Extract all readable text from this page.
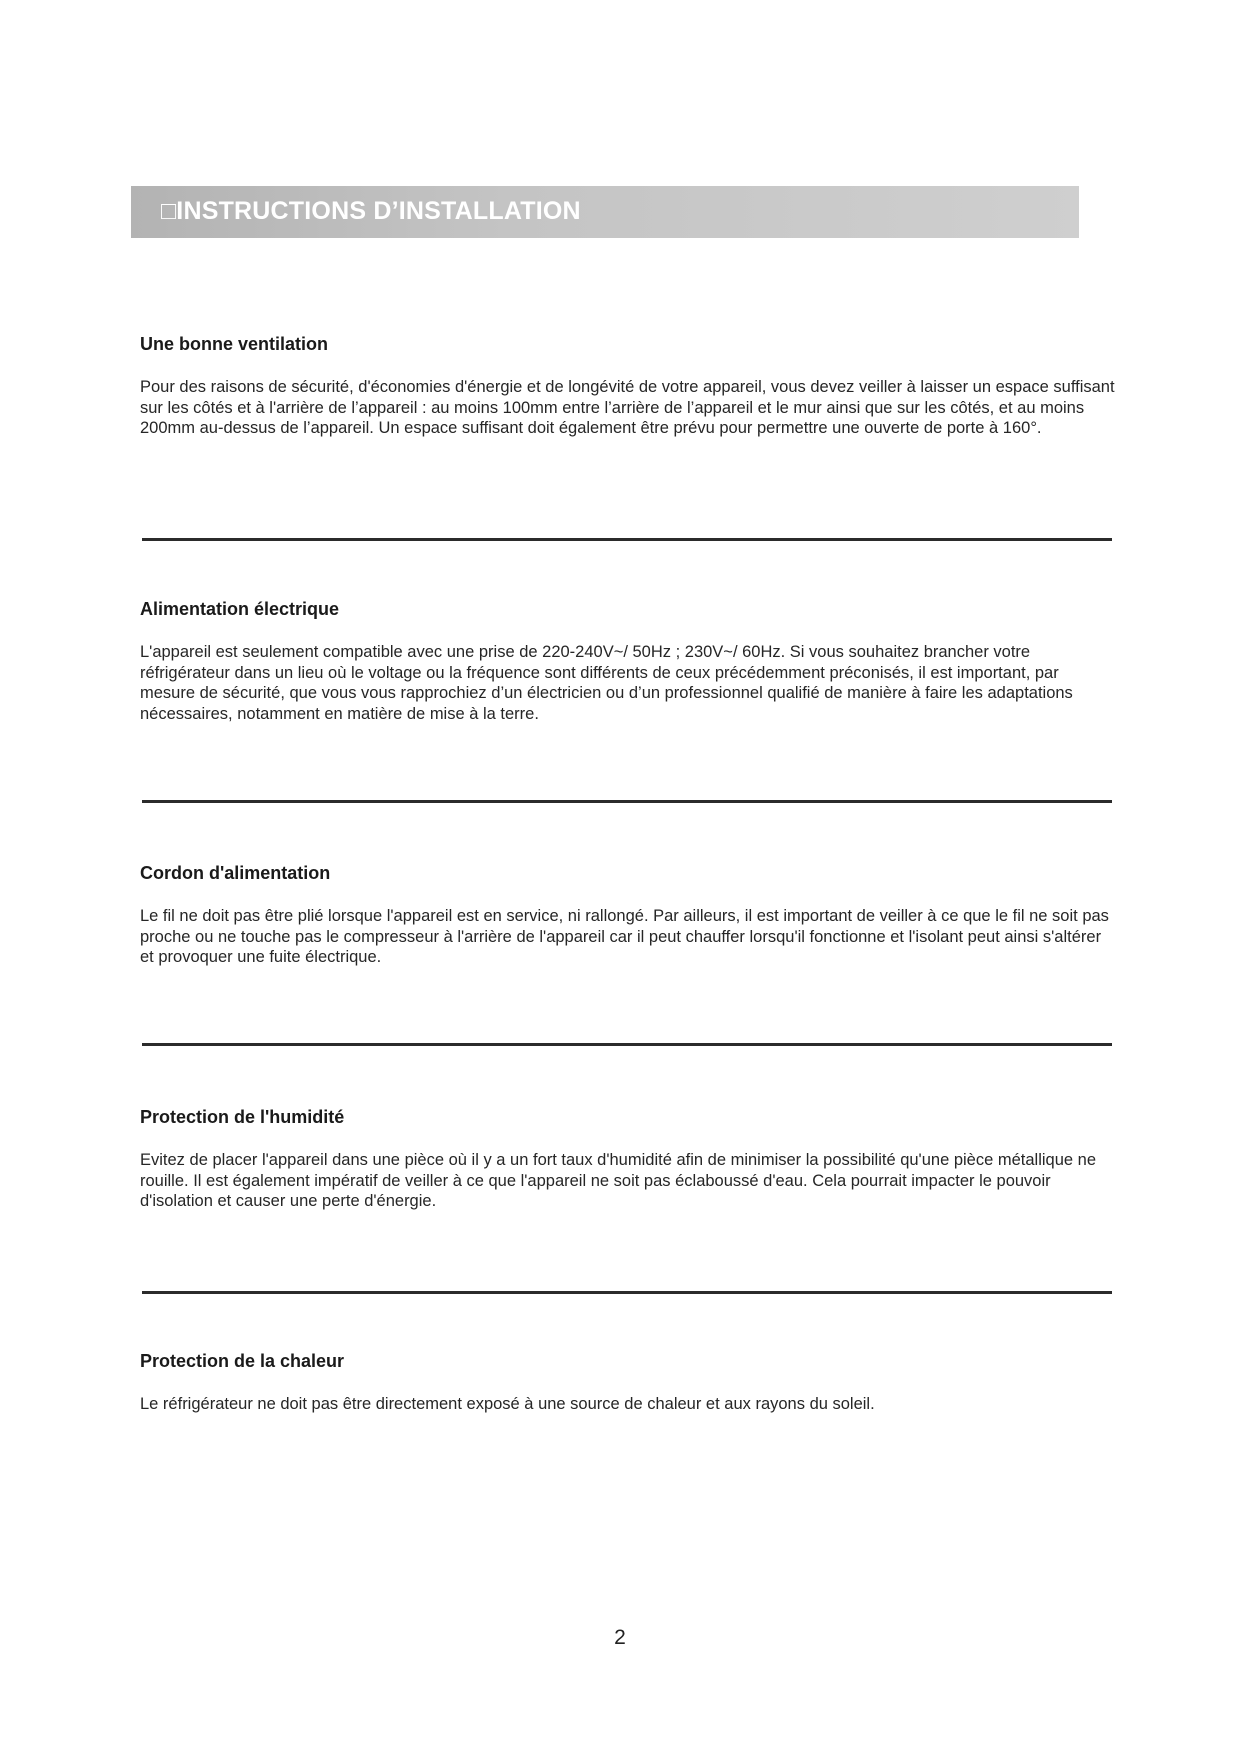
□INSTRUCTIONS D’INSTALLATION
Une bonne ventilation

Pour des raisons de sécurité, d'économies d'énergie et de longévité de votre appareil, vous devez veiller à laisser un espace suffisant sur les côtés et à l'arrière de l’appareil : au moins 100mm entre l’arrière de l’appareil et le mur ainsi que sur les côtés, et au moins 200mm au-dessus de l’appareil. Un espace suffisant doit également être prévu pour permettre une ouverte de porte à 160°.

Alimentation électrique

L'appareil est seulement compatible avec une prise de 220-240V~/ 50Hz ; 230V~/ 60Hz. Si vous souhaitez brancher votre réfrigérateur dans un lieu où le voltage ou la fréquence sont différents de ceux précédemment préconisés, il est important, par mesure de sécurité, que vous vous rapprochiez d’un électricien ou d’un professionnel qualifié de manière à faire les adaptations nécessaires, notamment en matière de mise à la terre.

Cordon d'alimentation

Le fil ne doit pas être plié lorsque l'appareil est en service, ni rallongé. Par ailleurs, il est important de veiller à ce que le fil ne soit pas proche ou ne touche pas le compresseur à l'arrière de l'appareil car il peut chauffer lorsqu'il fonctionne et l'isolant peut ainsi s'altérer et provoquer une fuite électrique.

Protection de l'humidité

Evitez de placer l'appareil dans une pièce où il y a un fort taux d'humidité afin de minimiser la possibilité qu'une pièce métallique ne rouille. Il est également impératif de veiller à ce que l'appareil ne soit pas éclaboussé d'eau. Cela pourrait impacter le pouvoir d'isolation et causer une perte d'énergie.

Protection de la chaleur

Le réfrigérateur ne doit pas être directement exposé à une source de chaleur et aux rayons du soleil.

2
